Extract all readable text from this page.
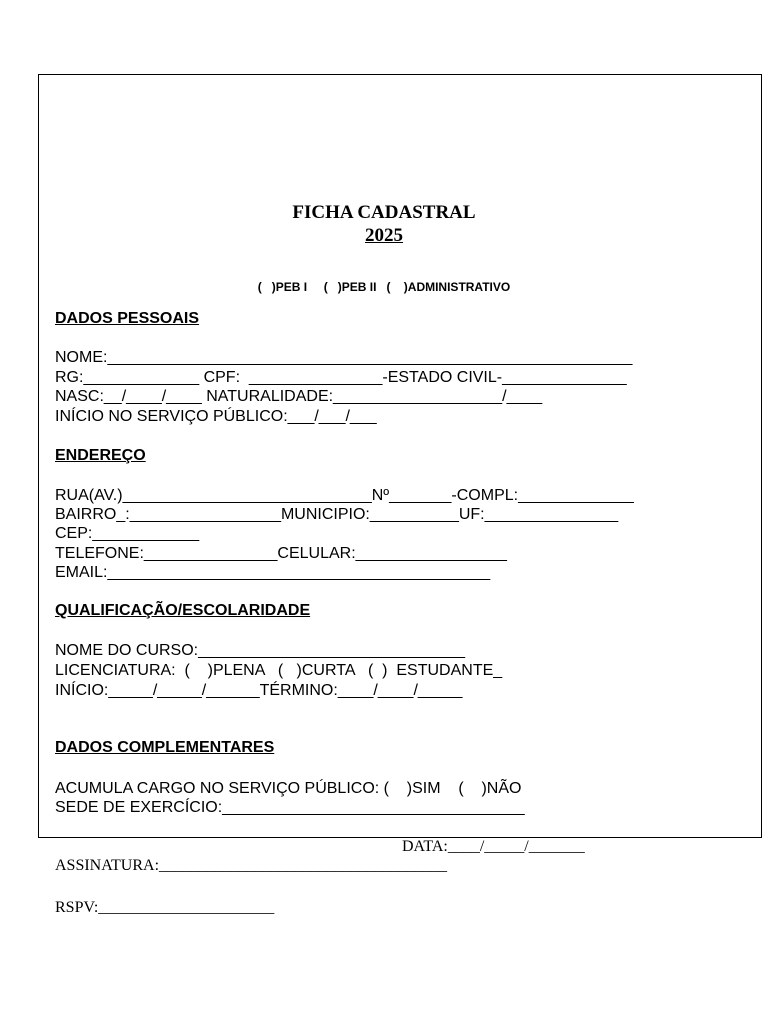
FICHA CADASTRAL
2025
(   )PEB I     (   )PEB II   (    )ADMINISTRATIVO
DADOS PESSOAIS
NOME:___________________________________________________________
RG:_____________ CPF:  _______________-ESTADO CIVIL-______________
NASC:__/____/____ NATURALIDADE:___________________/____
INÍCIO NO SERVIÇO PÚBLICO:___/___/___
ENDEREÇO
RUA(AV.)____________________________Nº_______-COMPL:_____________
BAIRRO_:_________________MUNICIPIO:__________UF:_______________
CEP:____________
TELEFONE:_______________CELULAR:_________________
EMAIL:___________________________________________
QUALIFICAÇÃO/ESCOLARIDADE
NOME DO CURSO:______________________________
LICENCIATURA:  (    )PLENA   (   )CURTA   (  )  ESTUDANTE_
INÍCIO:_____/_____/______TÉRMINO:____/____/_____
DADOS COMPLEMENTARES
ACUMULA CARGO NO SERVIÇO PÚBLICO: (    )SIM    (    )NÃO
SEDE DE EXERCÍCIO:__________________________________
DATA:____/_____/_______
ASSINATURA:____________________________________
RSPV:______________________
